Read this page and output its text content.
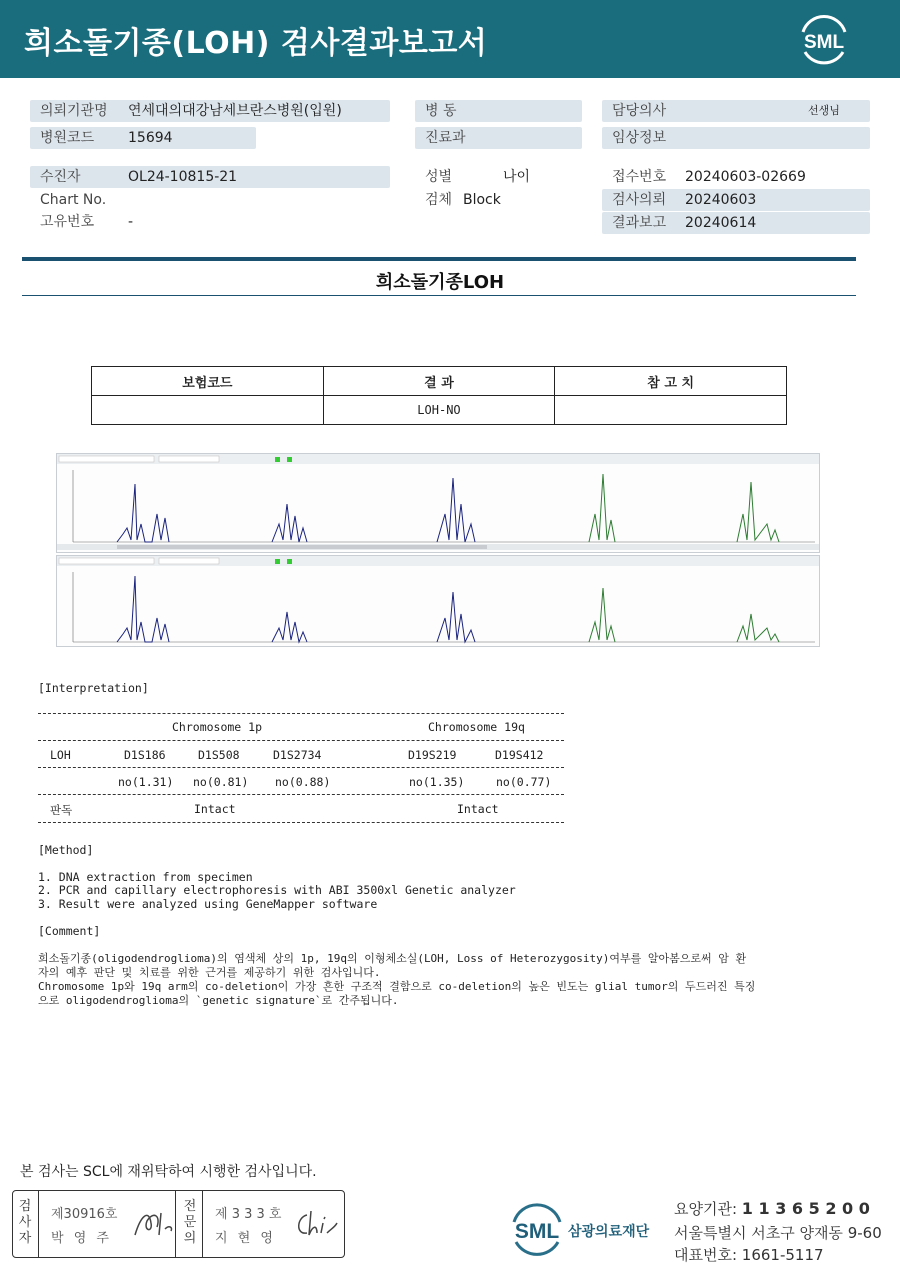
희소돌기종(LOH) 검사결과보고서	SML
의뢰기관명 연세대의대강남세브란스병원(입원)
병원코드 15694
병 동
진료과
담당의사	선생님
임상정보
수진자	OL24-10815-21
Chart No.
고유번호 -
성별	나이
검체 Block
접수번호 20240603-02669
검사의뢰 20240603
결과보고 20240614
희소돌기종LOH
보험코드	결 과	참 고 치
	LOH-NO	
[Interpretation]
Chromosome 1p	Chromosome 19q
LOH	D1S186	D1S508	D1S2734	D19S219	D19S412
no(1.31) no(0.81) no(0.88)	no(1.35)	no(0.77)
판독	Intact	Intact
[Method]
1. DNA extraction from specimen
2. PCR and capillary electrophoresis with ABI 3500xl Genetic analyzer
3. Result were analyzed using GeneMapper software
[Comment]
희소돌기종(oligodendroglioma)의 염색체 상의 1p, 19q의 이형체소실(LOH, Loss of Heterozygosity)여부를 알아봄으로써 암 환
자의 예후 판단 및 치료를 위한 근거를 제공하기 위한 검사입니다.
Chromosome 1p와 19q arm의 co-deletion이 가장 흔한 구조적 결함으로 co-deletion의 높은 빈도는 glial tumor의 두드러진 특징
으로 oligodendroglioma의 `genetic signature`로 간주됩니다.
본 검사는 SCL에 재위탁하여 시행한 검사입니다.
검
사
자
제30916호
박 영 주
전
문
의
제 3 3 3 호
지 현 영	SML 삼광의료재단
요양기관: 1 1 3 6 5 2 0 0
서울특별시 서초구 양재동 9-60
대표번호: 1661-5117
